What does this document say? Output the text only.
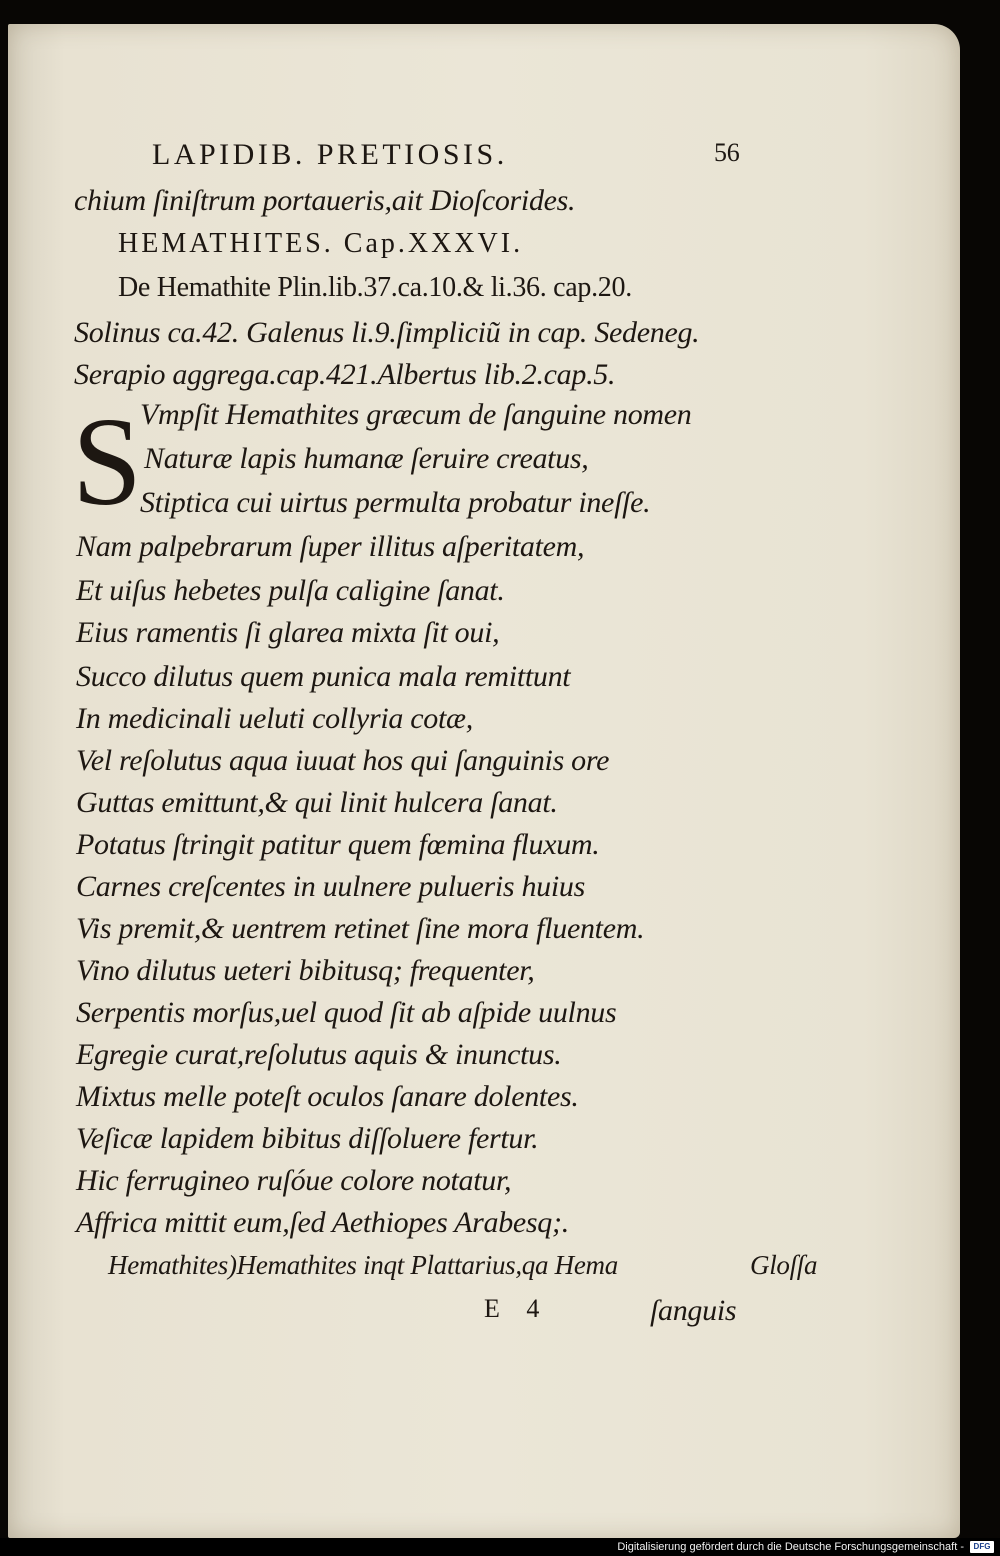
LAPIDIB. PRETIOSIS.	56
chium ſiniſtrum portaueris,ait Dioſcorides.
HEMATHITES. Cap.XXXVI.
De Hemathite Plin.lib.37.ca.10.& li.36. cap.20.
Solinus ca.42. Galenus li.9.ſimpliciũ in cap. Sedeneg.
Serapio aggrega.cap.421.Albertus lib.2.cap.5.
S
Vmpſit Hemathites græcum de ſanguine nomen
Naturæ lapis humanæ ſeruire creatus,
Stiptica cui uirtus permulta probatur ineſſe.
Nam palpebrarum ſuper illitus aſperitatem,
Et uiſus hebetes pulſa caligine ſanat.
Eius ramentis ſi glarea mixta ſit oui,
Succo dilutus quem punica mala remittunt
In medicinali ueluti collyria cotæ,
Vel reſolutus aqua iuuat hos qui ſanguinis ore
Guttas emittunt,& qui linit hulcera ſanat.
Potatus ſtringit patitur quem fœmina fluxum.
Carnes creſcentes in uulnere pulueris huius
Vis premit,& uentrem retinet ſine mora fluentem.
Vino dilutus ueteri bibitusq; frequenter,
Serpentis morſus,uel quod ſit ab aſpide uulnus
Egregie curat,reſolutus aquis & inunctus.
Mixtus melle poteſt oculos ſanare dolentes.
Veſicæ lapidem bibitus diſſoluere fertur.
Hic ferrugineo ruſóue colore notatur,
Affrica mittit eum,ſed Aethiopes Arabesq;.
Hemathites)Hemathites inqt Plattarius,qa Hema	Gloſſa
E 4	ſanguis
Digitalisierung gefördert durch die Deutsche Forschungsgemeinschaft -	DFG
